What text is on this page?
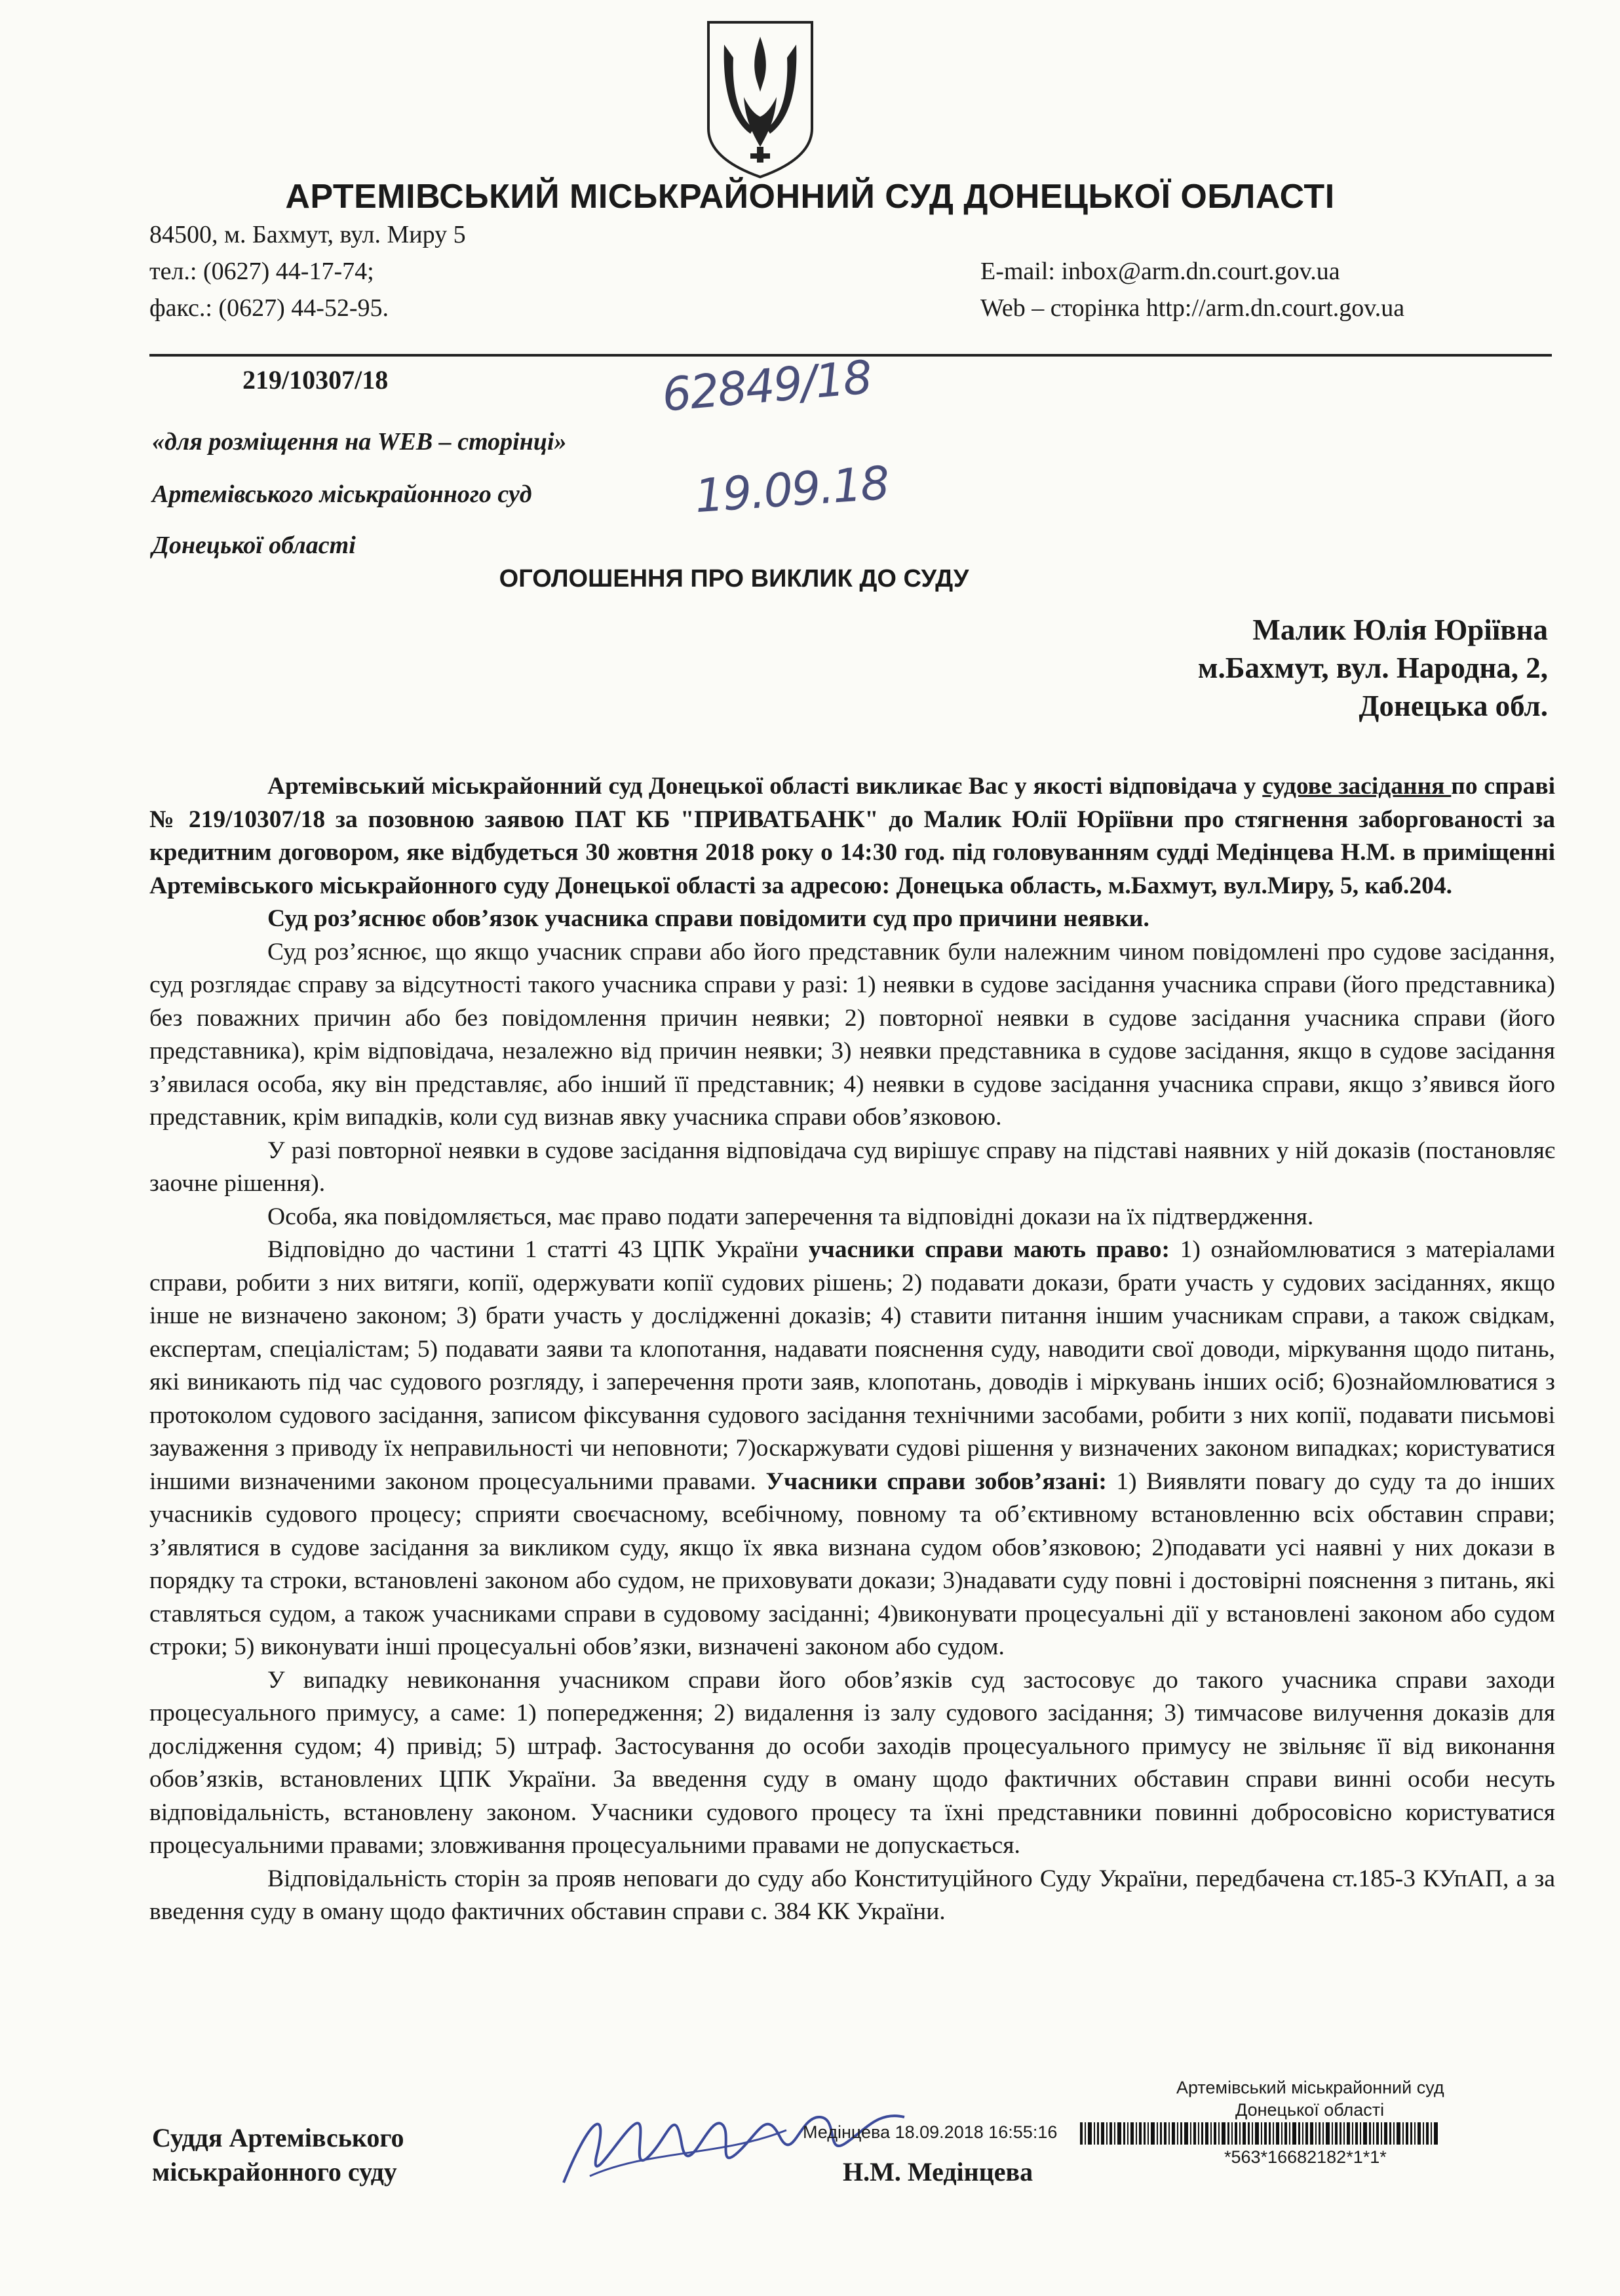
АРТЕМІВСЬКИЙ МІСЬКРАЙОННИЙ СУД ДОНЕЦЬКОЇ ОБЛАСТІ
84500, м. Бахмут, вул. Миру 5
тел.: (0627) 44-17-74;
факс.: (0627) 44-52-95.
E-mail: inbox@arm.dn.court.gov.ua
Web – сторінка http://arm.dn.court.gov.ua
219/10307/18	62849/18
19.09.18
«для розміщення на WEB – сторінці»
Артемівського міськрайонного суд
Донецької області
ОГОЛОШЕННЯ ПРО ВИКЛИК ДО СУДУ
Малик Юлія Юріївна
м.Бахмут, вул. Народна, 2,
Донецька обл.

Артемівський міськрайонний суд Донецької області викликає Вас у якості відповідача у судове засідання по справі № 219/10307/18 за позовною заявою ПАТ КБ "ПРИВАТБАНК" до Малик Юлії Юріївни про стягнення заборгованості за кредитним договором, яке відбудеться 30 жовтня 2018 року о 14:30 год. під головуванням судді Медінцева Н.М. в приміщенні Артемівського міськрайонного суду Донецької області за адресою: Донецька область, м.Бахмут, вул.Миру, 5, каб.204.

Суд роз’яснює обов’язок учасника справи повідомити суд про причини неявки.

Суд роз’яснює, що якщо учасник справи або його представник були належним чином повідомлені про судове засідання, суд розглядає справу за відсутності такого учасника справи у разі: 1) неявки в судове засідання учасника справи (його представника) без поважних причин або без повідомлення причин неявки; 2) повторної неявки в судове засідання учасника справи (його представника), крім відповідача, незалежно від причин неявки; 3) неявки представника в судове засідання, якщо в судове засідання з’явилася особа, яку він представляє, або інший її представник; 4) неявки в судове засідання учасника справи, якщо з’явився його представник, крім випадків, коли суд визнав явку учасника справи обов’язковою.

У разі повторної неявки в судове засідання відповідача суд вирішує справу на підставі наявних у ній доказів (постановляє заочне рішення).

Особа, яка повідомляється, має право подати заперечення та відповідні докази на їх підтвердження.

Відповідно до частини 1 статті 43 ЦПК України учасники справи мають право: 1) ознайомлюватися з матеріалами справи, робити з них витяги, копії, одержувати копії судових рішень; 2) подавати докази, брати участь у судових засіданнях, якщо інше не визначено законом; 3) брати участь у дослідженні доказів; 4) ставити питання іншим учасникам справи, а також свідкам, експертам, спеціалістам; 5) подавати заяви та клопотання, надавати пояснення суду, наводити свої доводи, міркування щодо питань, які виникають під час судового розгляду, і заперечення проти заяв, клопотань, доводів і міркувань інших осіб; 6)ознайомлюватися з протоколом судового засідання, записом фіксування судового засідання технічними засобами, робити з них копії, подавати письмові зауваження з приводу їх неправильності чи неповноти; 7)оскаржувати судові рішення у визначених законом випадках; користуватися іншими визначеними законом процесуальними правами. Учасники справи зобов’язані: 1) Виявляти повагу до суду та до інших учасників судового процесу; сприяти своєчасному, всебічному, повному та об’єктивному встановленню всіх обставин справи; з’являтися в судове засідання за викликом суду, якщо їх явка визнана судом обов’язковою; 2)подавати усі наявні у них докази в порядку та строки, встановлені законом або судом, не приховувати докази; 3)надавати суду повні і достовірні пояснення з питань, які ставляться судом, а також учасниками справи в судовому засіданні; 4)виконувати процесуальні дії у встановлені законом або судом строки; 5) виконувати інші процесуальні обов’язки, визначені законом або судом.

У випадку невиконання учасником справи його обов’язків суд застосовує до такого учасника справи заходи процесуального примусу, а саме: 1) попередження; 2) видалення із залу судового засідання; 3) тимчасове вилучення доказів для дослідження судом; 4) привід; 5) штраф. Застосування до особи заходів процесуального примусу не звільняє її від виконання обов’язків, встановлених ЦПК України. За введення суду в оману щодо фактичних обставин справи винні особи несуть відповідальність, встановлену законом. Учасники судового процесу та їхні представники повинні добросовісно користуватися процесуальними правами; зловживання процесуальними правами не допускається.

Відповідальність сторін за прояв неповаги до суду або Конституційного Суду України, передбачена ст.185-3 КУпАП, а за введення суду в оману щодо фактичних обставин справи с. 384 КК України.

Суддя Артемівського
міськрайонного суду
Артемівський міськрайонний суд
Донецької області
Медінцева 18.09.2018 16:55:16
*563*16682182*1*1*
Н.М. Медінцева
